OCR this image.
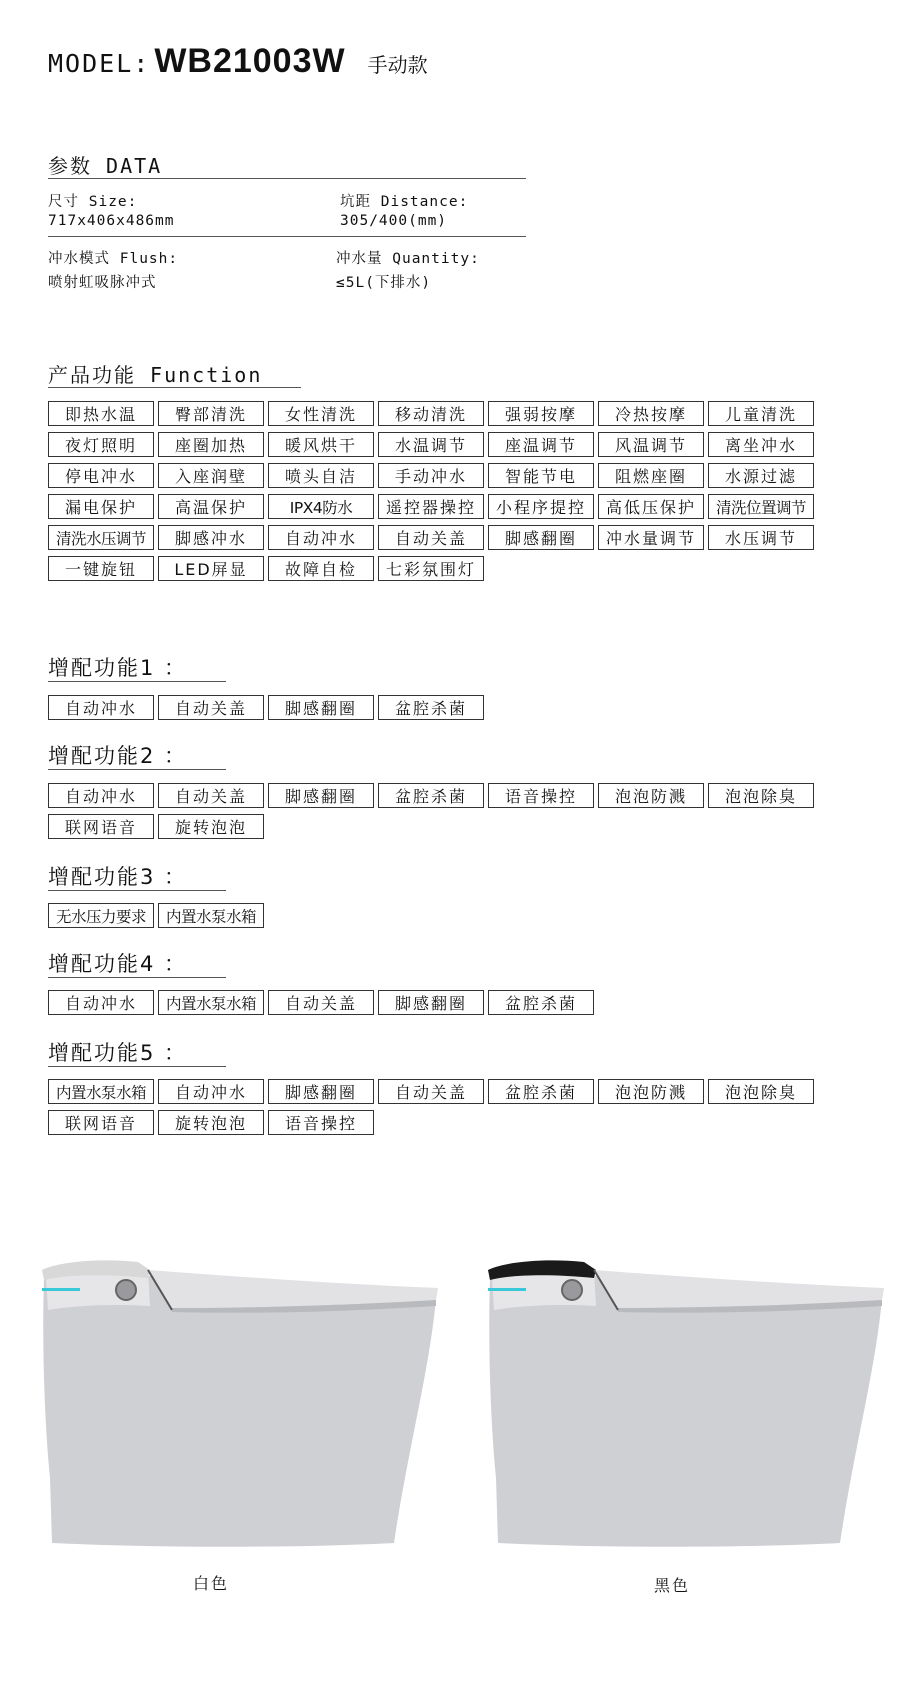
MODEL: WB21003W 手动款
参数 DATA
尺寸 Size:
717x406x486mm
坑距 Distance:
305/400(mm)
冲水模式 Flush:
喷射虹吸脉冲式
冲水量 Quantity:
≤5L(下排水)
产品功能 Function
即热水温	臀部清洗	女性清洗	移动清洗	强弱按摩	冷热按摩	儿童清洗
夜灯照明	座圈加热	暖风烘干	水温调节	座温调节	风温调节	离坐冲水
停电冲水	入座润壁	喷头自洁	手动冲水	智能节电	阻燃座圈	水源过滤
漏电保护	高温保护	IPX4防水	遥控器操控	小程序提控	高低压保护	清洗位置调节
清洗水压调节	脚感冲水	自动冲水	自动关盖	脚感翻圈	冲水量调节	水压调节
一键旋钮	LED屏显	故障自检	七彩氛围灯
增配功能1 ：
自动冲水	自动关盖	脚感翻圈	盆腔杀菌
增配功能2 ：
自动冲水	自动关盖	脚感翻圈	盆腔杀菌	语音操控	泡泡防溅	泡泡除臭
联网语音	旋转泡泡
增配功能3 ：
无水压力要求	内置水泵水箱
增配功能4 ：
自动冲水	内置水泵水箱	自动关盖	脚感翻圈	盆腔杀菌
增配功能5 ：
内置水泵水箱	自动冲水	脚感翻圈	自动关盖	盆腔杀菌	泡泡防溅	泡泡除臭
联网语音	旋转泡泡	语音操控
白色	黑色
